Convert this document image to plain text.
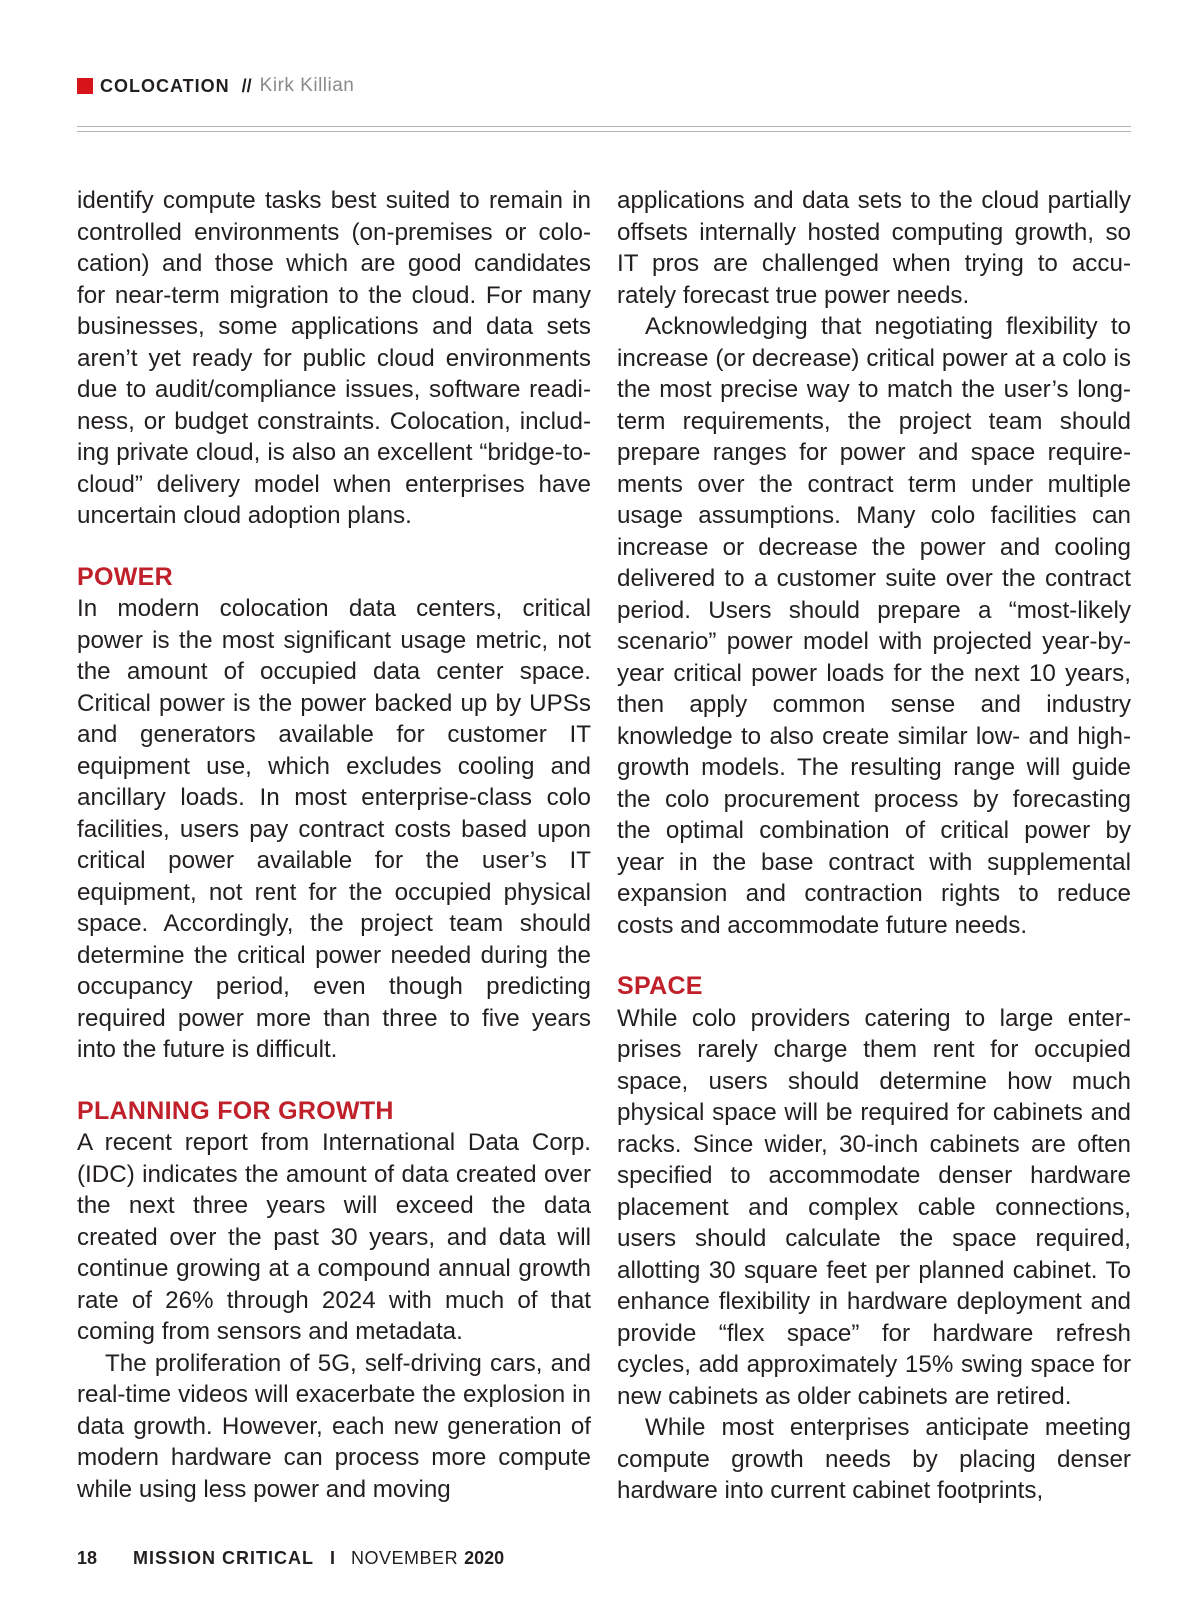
COLOCATION // Kirk Killian

identify compute tasks best suited to remain in controlled environments (on-premises or colocation) and those which are good candidates for near-term migration to the cloud. For many businesses, some applications and data sets aren’t yet ready for public cloud environments due to audit/compliance issues, software readiness, or budget constraints. Colocation, including private cloud, is also an excellent “bridge-to-cloud” delivery model when enterprises have uncertain cloud adoption plans.

POWER

In modern colocation data centers, critical power is the most significant usage metric, not the amount of occupied data center space. Critical power is the power backed up by UPSs and generators available for customer IT equipment use, which excludes cooling and ancillary loads. In most enterprise-class colo facilities, users pay contract costs based upon critical power available for the user’s IT equipment, not rent for the occupied physical space. Accordingly, the project team should determine the critical power needed during the occupancy period, even though predicting required power more than three to five years into the future is difficult.

PLANNING FOR GROWTH

A recent report from International Data Corp. (IDC) indicates the amount of data created over the next three years will exceed the data created over the past 30 years, and data will continue growing at a compound annual growth rate of 26% through 2024 with much of that coming from sensors and metadata.

The proliferation of 5G, self-driving cars, and real-time videos will exacerbate the explosion in data growth. However, each new generation of modern hardware can process more compute while using less power and moving

applications and data sets to the cloud partially offsets internally hosted computing growth, so IT pros are challenged when trying to accurately forecast true power needs.

Acknowledging that negotiating flexibility to increase (or decrease) critical power at a colo is the most precise way to match the user’s long-term requirements, the project team should prepare ranges for power and space requirements over the contract term under multiple usage assumptions. Many colo facilities can increase or decrease the power and cooling delivered to a customer suite over the contract period. Users should prepare a “most-likely scenario” power model with projected year-by-year critical power loads for the next 10 years, then apply common sense and industry knowledge to also create similar low- and high-growth models. The resulting range will guide the colo procurement process by forecasting the optimal combination of critical power by year in the base contract with supplemental expansion and contraction rights to reduce costs and accommodate future needs.

SPACE

While colo providers catering to large enterprises rarely charge them rent for occupied space, users should determine how much physical space will be required for cabinets and racks. Since wider, 30-inch cabinets are often specified to accommodate denser hardware placement and complex cable connections, users should calculate the space required, allotting 30 square feet per planned cabinet. To enhance flexibility in hardware deployment and provide “flex space” for hardware refresh cycles, add approximately 15% swing space for new cabinets as older cabinets are retired.

While most enterprises anticipate meeting compute growth needs by placing denser hardware into current cabinet footprints,

18 MISSION CRITICAL I NOVEMBER 2020
